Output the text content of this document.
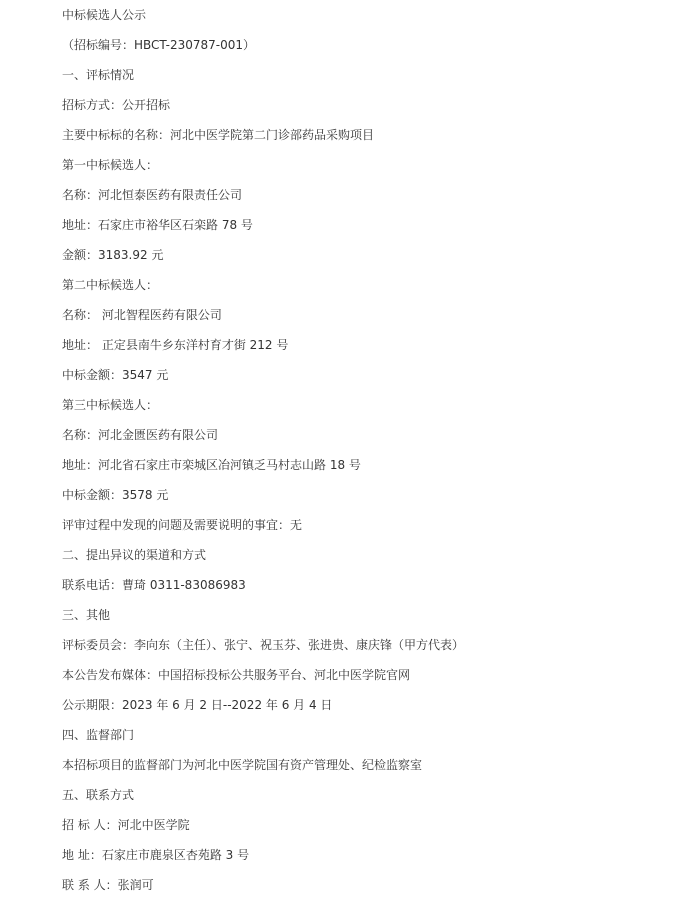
中标候选人公示
（招标编号：HBCT-230787-001）
一、评标情况
招标方式：公开招标
主要中标标的名称：河北中医学院第二门诊部药品采购项目
第一中标候选人：
名称：河北恒泰医药有限责任公司
地址：石家庄市裕华区石栾路 78 号
金额：3183.92 元
第二中标候选人：
名称： 河北智程医药有限公司
地址： 正定县南牛乡东洋村育才街 212 号
中标金额：3547 元
第三中标候选人：
名称：河北金匮医药有限公司
地址：河北省石家庄市栾城区冶河镇乏马村志山路 18 号
中标金额：3578 元
评审过程中发现的问题及需要说明的事宜：无
二、提出异议的渠道和方式
联系电话：曹琦 0311-83086983
三、其他
评标委员会：李向东（主任）、张宁、祝玉芬、张进贵、康庆锋（甲方代表）
本公告发布媒体：中国招标投标公共服务平台、河北中医学院官网
公示期限：2023 年 6 月 2 日--2022 年 6 月 4 日
四、监督部门
本招标项目的监督部门为河北中医学院国有资产管理处、纪检监察室
五、联系方式
招 标 人：河北中医学院
地 址：石家庄市鹿泉区杏苑路 3 号
联 系 人：张润可
